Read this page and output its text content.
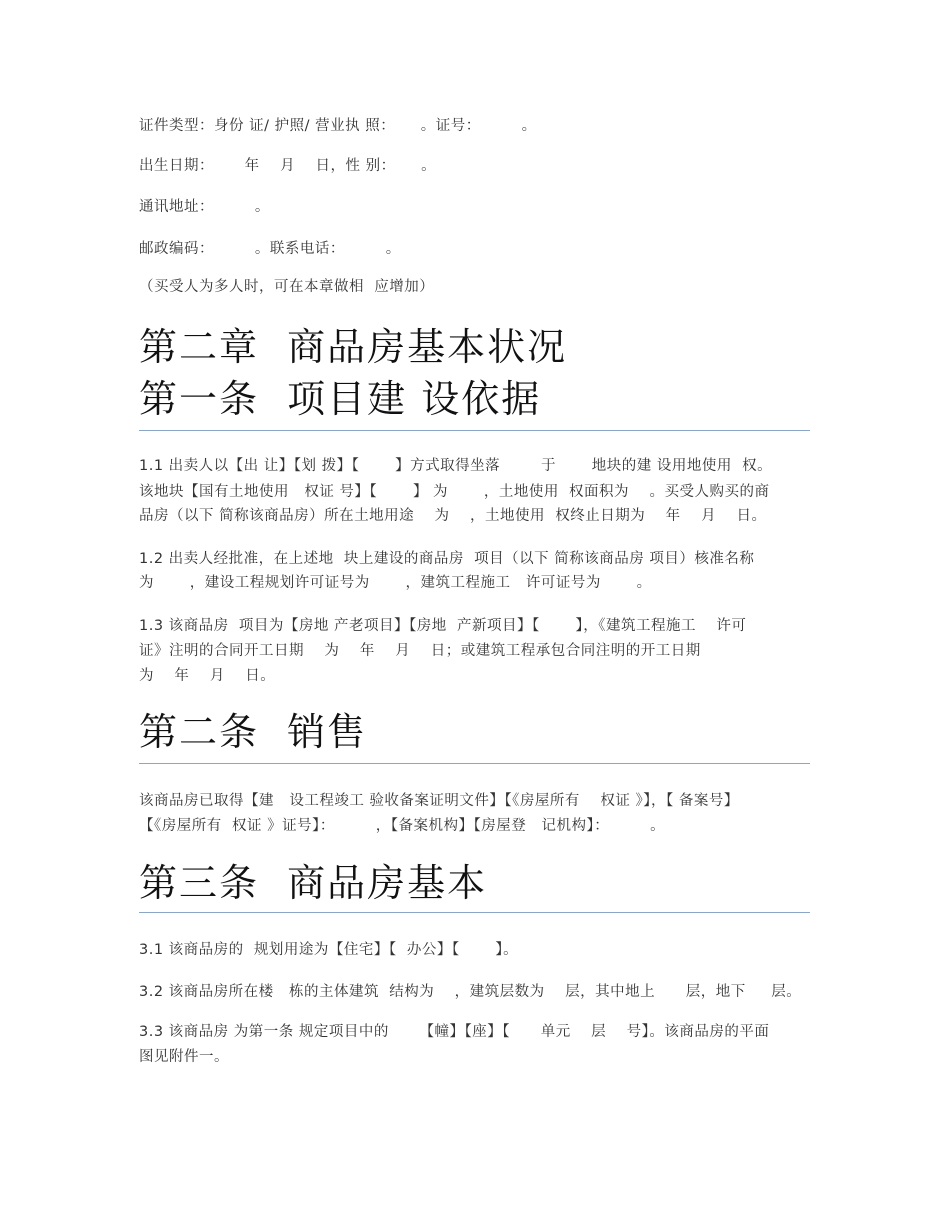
证件类型：身份 证/ 护照/ 营业执 照：     。证号：        。
出生日期：      年    月    日，性 别：     。
通讯地址：        。
邮政编码：        。联系电话：        。
（买受人为多人时，可在本章做相  应增加）
第二章  商品房基本状况
第一条  项目建 设依据
1.1 出卖人以【出 让】【划 拨】【       】方式取得坐落        于       地块的建 设用地使用  权。
该地块【国有土地使用   权证 号】【       】 为       ，土地使用  权面积为    。买受人购买的商
品房（以下 简称该商品房）所在土地用途    为    ，土地使用  权终止日期为    年    月    日。
1.2 出卖人经批准，在上述地  块上建设的商品房  项目（以下 简称该商品房 项目）核准名称
为       ，建设工程规划许可证号为       ，建筑工程施工   许可证号为       。
1.3 该商品房  项目为【房地 产老项目】【房地  产新项目】【       】，《建筑工程施工    许可
证》注明的合同开工日期    为    年    月    日；或建筑工程承包合同注明的开工日期
为    年    月    日。
第二条  销售
该商品房已取得【建   设工程竣工 验收备案证明文件】【《房屋所有    权证 》】，【 备案号】
【《房屋所有  权证 》证号】：        ，【备案机构】【房屋登   记机构】：        。
第三条  商品房基本
3.1 该商品房的  规划用途为【住宅】【  办公】【       】。
3.2 该商品房所在楼   栋的主体建筑  结构为    ，建筑层数为    层，其中地上      层，地下     层。
3.3 该商品房 为第一条 规定项目中的      【幢】【座】【      单元    层    号】。该商品房的平面
图见附件一。
